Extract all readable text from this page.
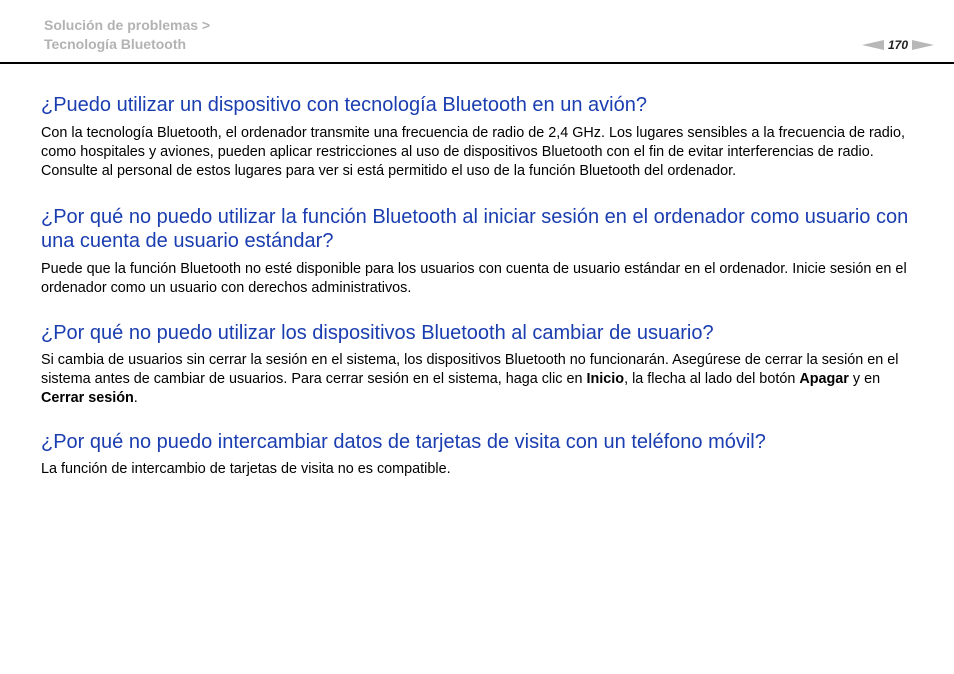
Solución de problemas >
Tecnología Bluetooth	170
¿Puedo utilizar un dispositivo con tecnología Bluetooth en un avión?

Con la tecnología Bluetooth, el ordenador transmite una frecuencia de radio de 2,4 GHz. Los lugares sensibles a la frecuencia de radio, como hospitales y aviones, pueden aplicar restricciones al uso de dispositivos Bluetooth con el fin de evitar interferencias de radio. Consulte al personal de estos lugares para ver si está permitido el uso de la función Bluetooth del ordenador.

¿Por qué no puedo utilizar la función Bluetooth al iniciar sesión en el ordenador como usuario con una cuenta de usuario estándar?

Puede que la función Bluetooth no esté disponible para los usuarios con cuenta de usuario estándar en el ordenador. Inicie sesión en el ordenador como un usuario con derechos administrativos.

¿Por qué no puedo utilizar los dispositivos Bluetooth al cambiar de usuario?

Si cambia de usuarios sin cerrar la sesión en el sistema, los dispositivos Bluetooth no funcionarán. Asegúrese de cerrar la sesión en el sistema antes de cambiar de usuarios. Para cerrar sesión en el sistema, haga clic en Inicio, la flecha al lado del botón Apagar y en Cerrar sesión.

¿Por qué no puedo intercambiar datos de tarjetas de visita con un teléfono móvil?

La función de intercambio de tarjetas de visita no es compatible.
